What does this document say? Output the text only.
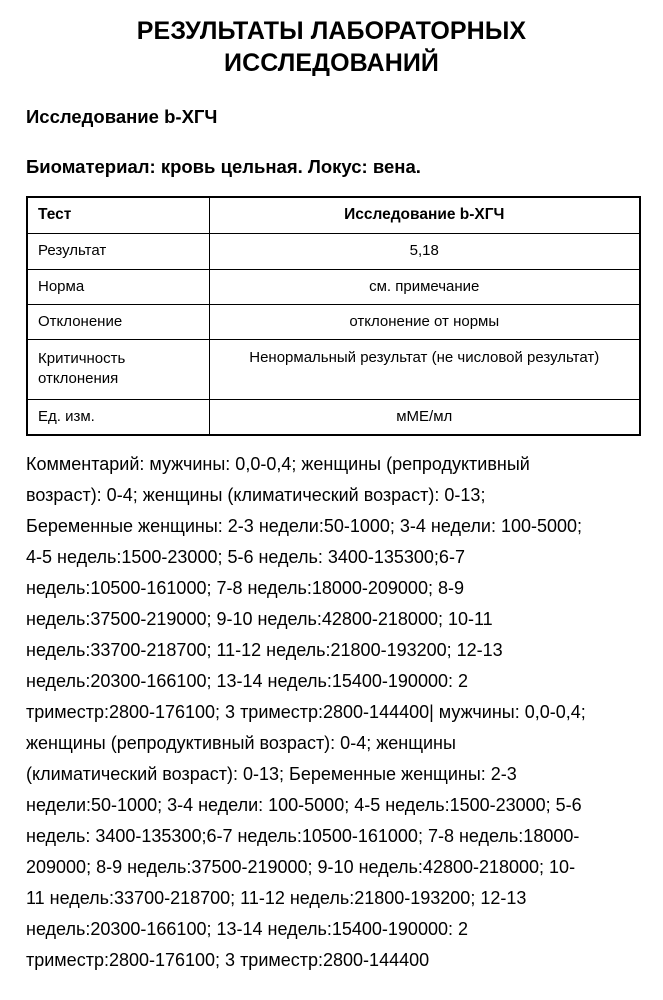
РЕЗУЛЬТАТЫ ЛАБОРАТОРНЫХ ИССЛЕДОВАНИЙ
Исследование b-ХГЧ
Биоматериал: кровь цельная. Локус: вена.
Тест	Исследование b-ХГЧ
Результат	5,18
Норма	см. примечание
Отклонение	отклонение от нормы
Критичность отклонения	Ненормальный результат (не числовой результат)
Ед. изм.	мМЕ/мл

Комментарий: мужчины: 0,0-0,4; женщины (репродуктивный возраст): 0-4; женщины (климатический возраст): 0-13; Беременные женщины: 2-3 недели:50-1000; 3-4 недели: 100-5000; 4-5 недель:1500-23000; 5-6 недель: 3400-135300;6-7 недель:10500-161000; 7-8 недель:18000-209000; 8-9 недель:37500-219000; 9-10 недель:42800-218000; 10-11 недель:33700-218700; 11-12 недель:21800-193200; 12-13 недель:20300-166100; 13-14 недель:15400-190000: 2 триместр:2800-176100; 3 триместр:2800-144400| мужчины: 0,0-0,4; женщины (репродуктивный возраст): 0-4; женщины (климатический возраст): 0-13; Беременные женщины: 2-3 недели:50-1000; 3-4 недели: 100-5000; 4-5 недель:1500-23000; 5-6 недель: 3400-135300;6-7 недель:10500-161000; 7-8 недель:18000-209000; 8-9 недель:37500-219000; 9-10 недель:42800-218000; 10-11 недель:33700-218700; 11-12 недель:21800-193200; 12-13 недель:20300-166100; 13-14 недель:15400-190000: 2 триместр:2800-176100; 3 триместр:2800-144400
